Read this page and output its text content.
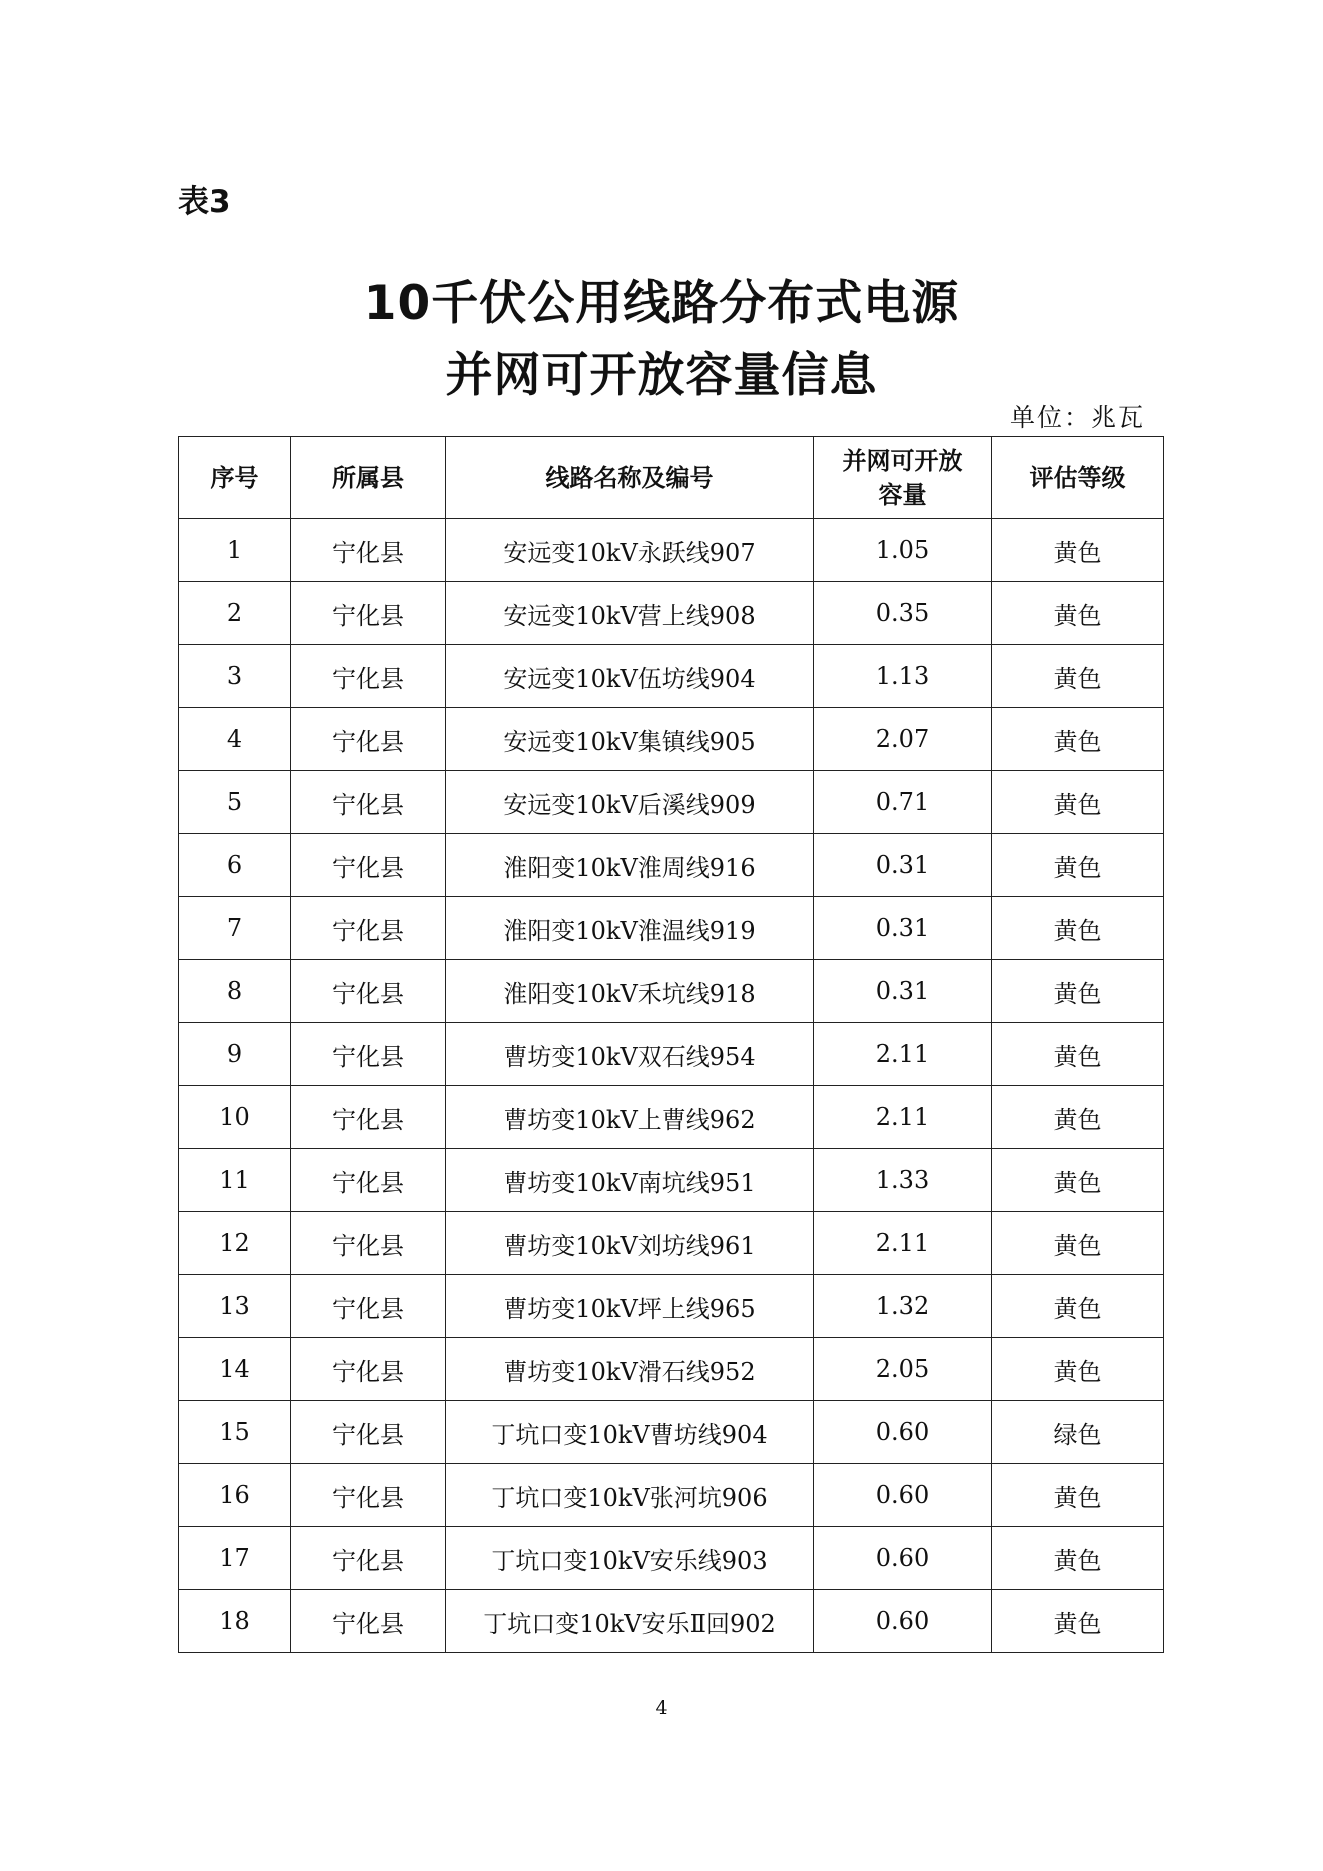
表3
10千伏公用线路分布式电源
并网可开放容量信息
单位：兆瓦
序号	所属县	线路名称及编号	并网可开放容量	评估等级
1	宁化县	安远变10kV永跃线907	1.05	黄色
2	宁化县	安远变10kV营上线908	0.35	黄色
3	宁化县	安远变10kV伍坊线904	1.13	黄色
4	宁化县	安远变10kV集镇线905	2.07	黄色
5	宁化县	安远变10kV后溪线909	0.71	黄色
6	宁化县	淮阳变10kV淮周线916	0.31	黄色
7	宁化县	淮阳变10kV淮温线919	0.31	黄色
8	宁化县	淮阳变10kV禾坑线918	0.31	黄色
9	宁化县	曹坊变10kV双石线954	2.11	黄色
10	宁化县	曹坊变10kV上曹线962	2.11	黄色
11	宁化县	曹坊变10kV南坑线951	1.33	黄色
12	宁化县	曹坊变10kV刘坊线961	2.11	黄色
13	宁化县	曹坊变10kV坪上线965	1.32	黄色
14	宁化县	曹坊变10kV滑石线952	2.05	黄色
15	宁化县	丁坑口变10kV曹坊线904	0.60	绿色
16	宁化县	丁坑口变10kV张河坑906	0.60	黄色
17	宁化县	丁坑口变10kV安乐线903	0.60	黄色
18	宁化县	丁坑口变10kV安乐Ⅱ回902	0.60	黄色
4
